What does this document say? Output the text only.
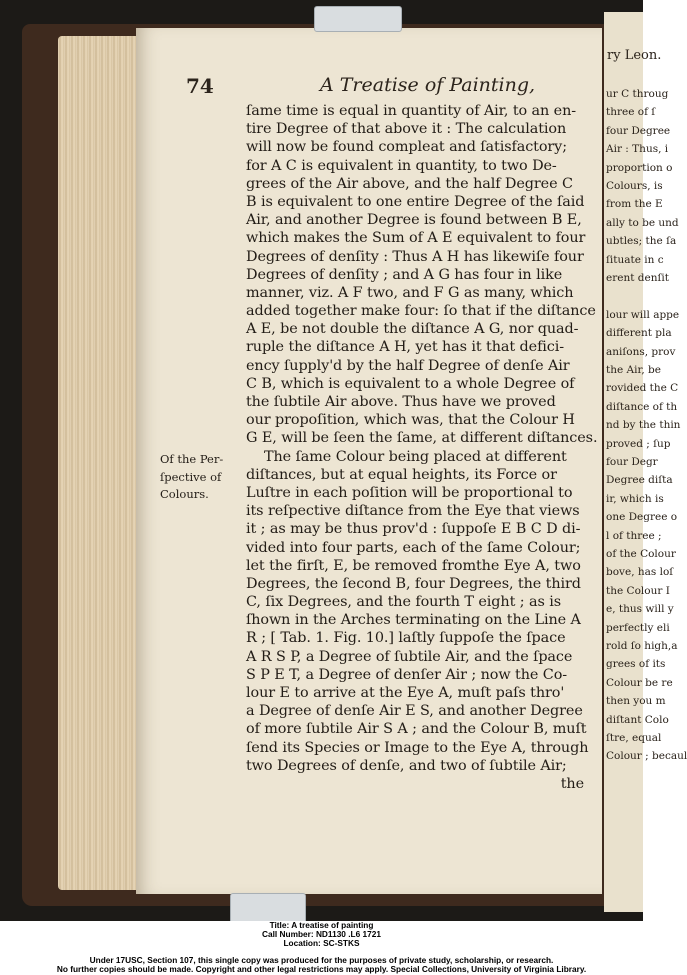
ry Leon.
ur C throug
three of ſ
four Degree
Air : Thus, i
proportion o
Colours, is
from the E
ally to be und
ubtles; the ſa
ſituate in c
erent denſit
lour will appe
different pla
aniſons, prov
the Air, be
rovided the C
diſtance of th
nd by the thin
proved ; ſup
four Degr
Degree diſta
ir, which is
one Degree o
l of three ;
of the Colour
bove, has loſ
the Colour I
e, thus will y
perfectly eli
rold ſo high,a
grees of its
Colour be re
then you m
diſtant Colo
ſtre, equal
Colour ; becaul
74	A Treatise of Painting,
Of the Per-
ſpective of
Colours.
ſame time is equal in quantity of Air, to an en-
tire Degree of that above it : The calculation
will now be found compleat and ſatisfactory;
for A C is equivalent in quantity, to two De-
grees of the Air above, and the half Degree C
B is equivalent to one entire Degree of the ſaid
Air, and another Degree is found between B E,
which makes the Sum of A E equivalent to four
Degrees of denſity : Thus A H has likewiſe four
Degrees of denſity ; and A G has four in like
manner, viz. A F two, and F G as many, which
added together make four: ſo that if the diſtance
A E, be not double the diſtance A G, nor quad-
ruple the diſtance A H, yet has it that defici-
ency ſupply'd by the half Degree of denſe Air
C B, which is equivalent to a whole Degree of
the ſubtile Air above. Thus have we proved
our propoſition, which was, that the Colour H
G E, will be ſeen the ſame, at different diſtances.
The ſame Colour being placed at different
diſtances, but at equal heights, its Force or
Luſtre in each poſition will be proportional to
its reſpective diſtance from the Eye that views
it ; as may be thus prov'd : ſuppoſe E B C D di-
vided into four parts, each of the ſame Colour;
let the firſt, E, be removed fromthe Eye A, two
Degrees, the ſecond B, four Degrees, the third
C, ſix Degrees, and the fourth T eight ; as is
ſhown in the Arches terminating on the Line A
R ; [ Tab. 1. Fig. 10.] laſtly ſuppoſe the ſpace
A R S P, a Degree of ſubtile Air, and the ſpace
S P E T, a Degree of denſer Air ; now the Co-
lour E to arrive at the Eye A, muſt paſs thro'
a Degree of denſe Air E S, and another Degree
of more ſubtile Air S A ; and the Colour B, muſt
ſend its Species or Image to the Eye A, through
two Degrees of denſe, and two of ſubtile Air;
the
Title: A treatise of painting
Call Number: ND1130 .L6 1721
Location: SC-STKS
Under 17USC, Section 107, this single copy was produced for the purposes of private study, scholarship, or research.
No further copies should be made. Copyright and other legal restrictions may apply. Special Collections, University of Virginia Library.
